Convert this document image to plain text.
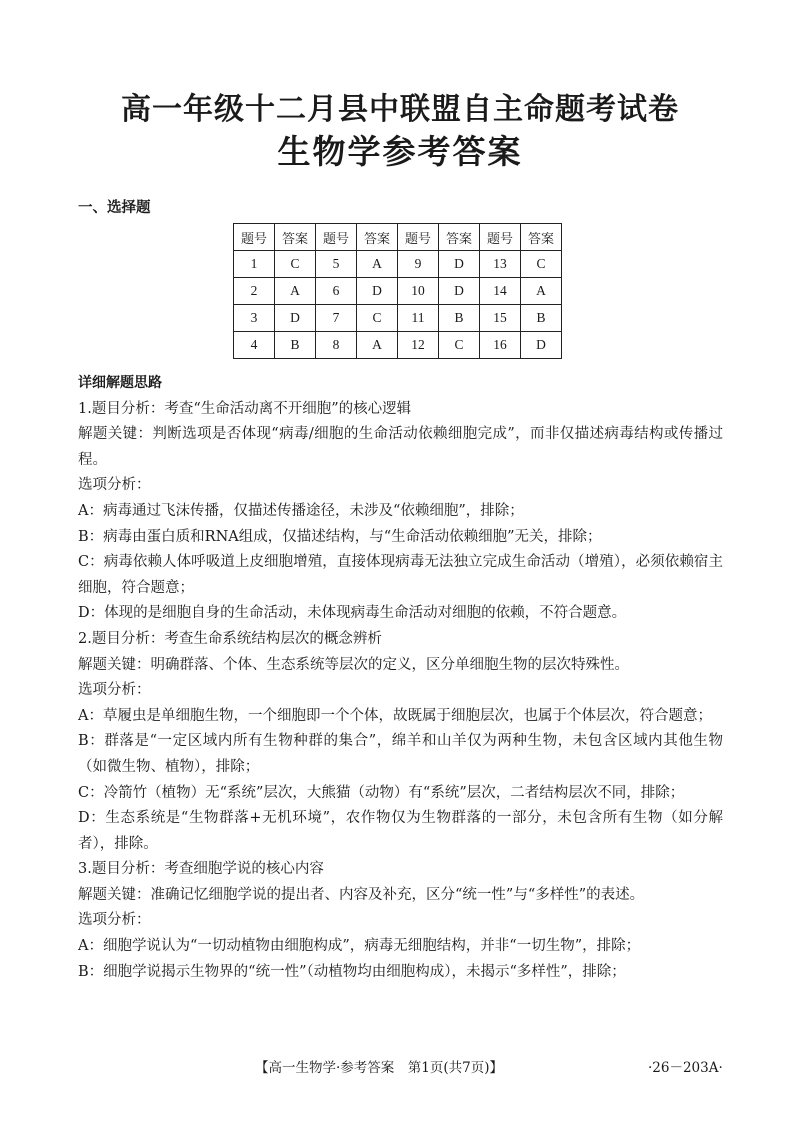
高一年级十二月县中联盟自主命题考试卷
生物学参考答案
一、选择题
题号	答案	题号	答案	题号	答案	题号	答案
1	C	5	A	9	D	13	C
2	A	6	D	10	D	14	A
3	D	7	C	11	B	15	B
4	B	8	A	12	C	16	D

详细解题思路

1.题目分析：考查“生命活动离不开细胞”的核心逻辑

解题关键：判断选项是否体现“病毒/细胞的生命活动依赖细胞完成”，而非仅描述病毒结构或传播过程。

选项分析：

A：病毒通过飞沫传播，仅描述传播途径，未涉及“依赖细胞”，排除；

B：病毒由蛋白质和RNA组成，仅描述结构，与“生命活动依赖细胞”无关，排除；

C：病毒依赖人体呼吸道上皮细胞增殖，直接体现病毒无法独立完成生命活动（增殖），必须依赖宿主细胞，符合题意；

D：体现的是细胞自身的生命活动，未体现病毒生命活动对细胞的依赖，不符合题意。

2.题目分析：考查生命系统结构层次的概念辨析

解题关键：明确群落、个体、生态系统等层次的定义，区分单细胞生物的层次特殊性。

选项分析：

A：草履虫是单细胞生物，一个细胞即一个个体，故既属于细胞层次，也属于个体层次，符合题意；

B：群落是“一定区域内所有生物种群的集合”，绵羊和山羊仅为两种生物，未包含区域内其他生物（如微生物、植物），排除；

C：冷箭竹（植物）无“系统”层次，大熊猫（动物）有“系统”层次，二者结构层次不同，排除；

D：生态系统是“生物群落+无机环境”，农作物仅为生物群落的一部分，未包含所有生物（如分解者），排除。

3.题目分析：考查细胞学说的核心内容

解题关键：准确记忆细胞学说的提出者、内容及补充，区分“统一性”与“多样性”的表述。

选项分析：

A：细胞学说认为“一切动植物由细胞构成”，病毒无细胞结构，并非“一切生物”，排除；

B：细胞学说揭示生物界的“统一性”（动植物均由细胞构成），未揭示“多样性”，排除；

【高一生物学·参考答案　第1页(共7页)】	·26－203A·
